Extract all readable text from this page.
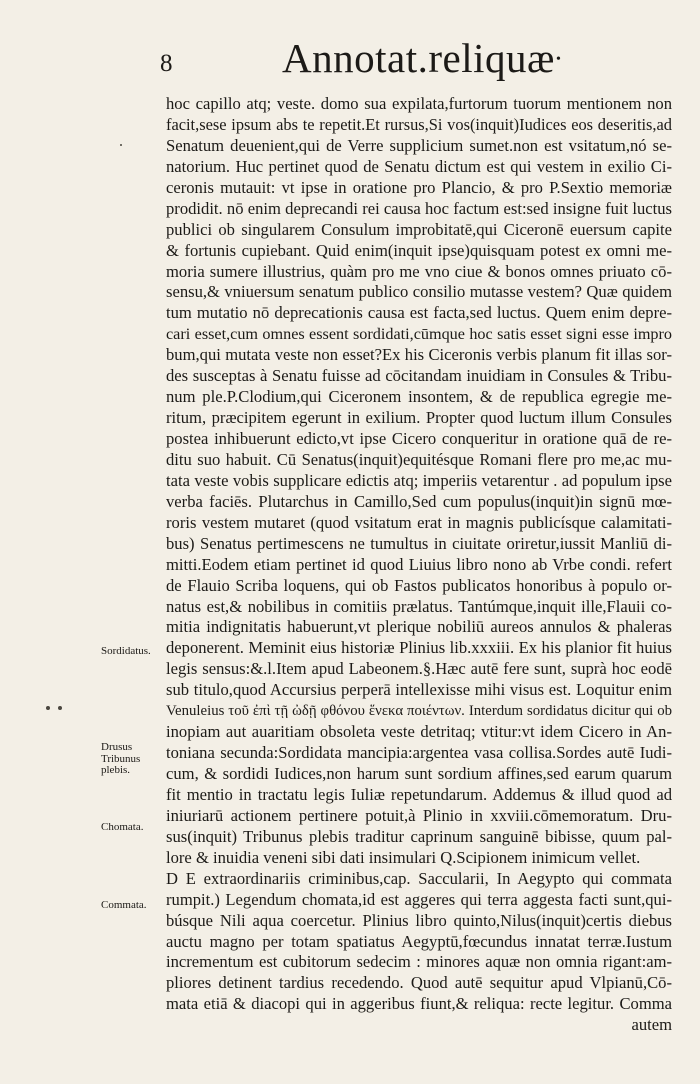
8	Annotat.reliquæ •
hoc capillo atq; veste. domo sua expilata,furtorum tuorum mentionem non
facit,sese ipsum abs te repetit.Et rursus,Si vos(inquit)Iudices eos deseritis,ad
Senatum deuenient,qui de Verre supplicium sumet.non est vsitatum,nó se-
natorium. Huc pertinet quod de Senatu dictum est qui vestem in exilio Ci-
ceronis mutauit: vt ipse in oratione pro Plancio, & pro P.Sextio memoriæ
prodidit. nō enim deprecandi rei causa hoc factum est:sed insigne fuit luctus
publici ob singularem Consulum improbitatē,qui Ciceronē euersum capite
& fortunis cupiebant. Quid enim(inquit ipse)quisquam potest ex omni me-
moria sumere illustrius, quàm pro me vno ciue & bonos omnes priuato cō-
sensu,& vniuersum senatum publico consilio mutasse vestem? Quæ quidem
tum mutatio nō deprecationis causa est facta,sed luctus. Quem enim depre-
cari esset,cum omnes essent sordidati,cūmque hoc satis esset signi esse impro
bum,qui mutata veste non esset?Ex his Ciceronis verbis planum fit illas sor-
des susceptas à Senatu fuisse ad cōcitandam inuidiam in Consules & Tribu-
num ple.P.Clodium,qui Ciceronem insontem, & de republica egregie me-
ritum, præcipitem egerunt in exilium. Propter quod luctum illum Consules
postea inhibuerunt edicto,vt ipse Cicero conqueritur in oratione quā de re-
ditu suo habuit. Cū Senatus(inquit)equitésque Romani flere pro me,ac mu-
tata veste vobis supplicare edictis atq; imperiis vetarentur . ad populum ipse
verba faciēs. Plutarchus in Camillo,Sed cum populus(inquit)in signū mœ-
roris vestem mutaret (quod vsitatum erat in magnis publicísque calamitati-
bus) Senatus pertimescens ne tumultus in ciuitate oriretur,iussit Manliū di-
mitti.Eodem etiam pertinet id quod Liuius libro nono ab Vrbe condi. refert
de Flauio Scriba loquens, qui ob Fastos publicatos honoribus à populo or-
natus est,& nobilibus in comitiis prælatus. Tantúmque,inquit ille,Flauii co-
mitia indignitatis habuerunt,vt plerique nobiliū aureos annulos & phaleras
deponerent. Meminit eius historiæ Plinius lib.xxxiii. Ex his planior fit huius
legis sensus:&.l.Item apud Labeonem.§.Hæc autē fere sunt, suprà hoc eodē
sub titulo,quod Accursius perperā intellexisse mihi visus est. Loquitur enim
Venuleius τοῦ ἐπὶ τῇ ὠδῇ φθόνου ἕνεκα ποιέντων. Interdum sordidatus dicitur qui ob
inopiam aut auaritiam obsoleta veste detritaq; vtitur:vt idem Cicero in An-
toniana secunda:Sordidata mancipia:argentea vasa collisa.Sordes autē Iudi-
cum, & sordidi Iudices,non harum sunt sordium affines,sed earum quarum
fit mentio in tractatu legis Iuliæ repetundarum. Addemus & illud quod ad
iniuriarū actionem pertinere potuit,à Plinio in xxviii.cōmemoratum. Dru-
sus(inquit) Tribunus plebis traditur caprinum sanguinē bibisse, quum pal-
lore & inuidia veneni sibi dati insimulari Q.Scipionem inimicum vellet.
D E extraordinariis criminibus,cap. Saccularii, In Aegypto qui commata
rumpit.) Legendum chomata,id est aggeres qui terra aggesta facti sunt,qui-
búsque Nili aqua coercetur. Plinius libro quinto,Nilus(inquit)certis diebus
auctu magno per totam spatiatus Aegyptū,fœcundus innatat terræ.Iustum
incrementum est cubitorum sedecim : minores aquæ non omnia rigant:am-
pliores detinent tardius recedendo. Quod autē sequitur apud Vlpianū,Cō-
mata etiā & diacopi qui in aggeribus fiunt,& reliqua: recte legitur. Comma
autem
Sordidatus.
Drusus
Tribunus
plebis.
Chomata.
Commata.
